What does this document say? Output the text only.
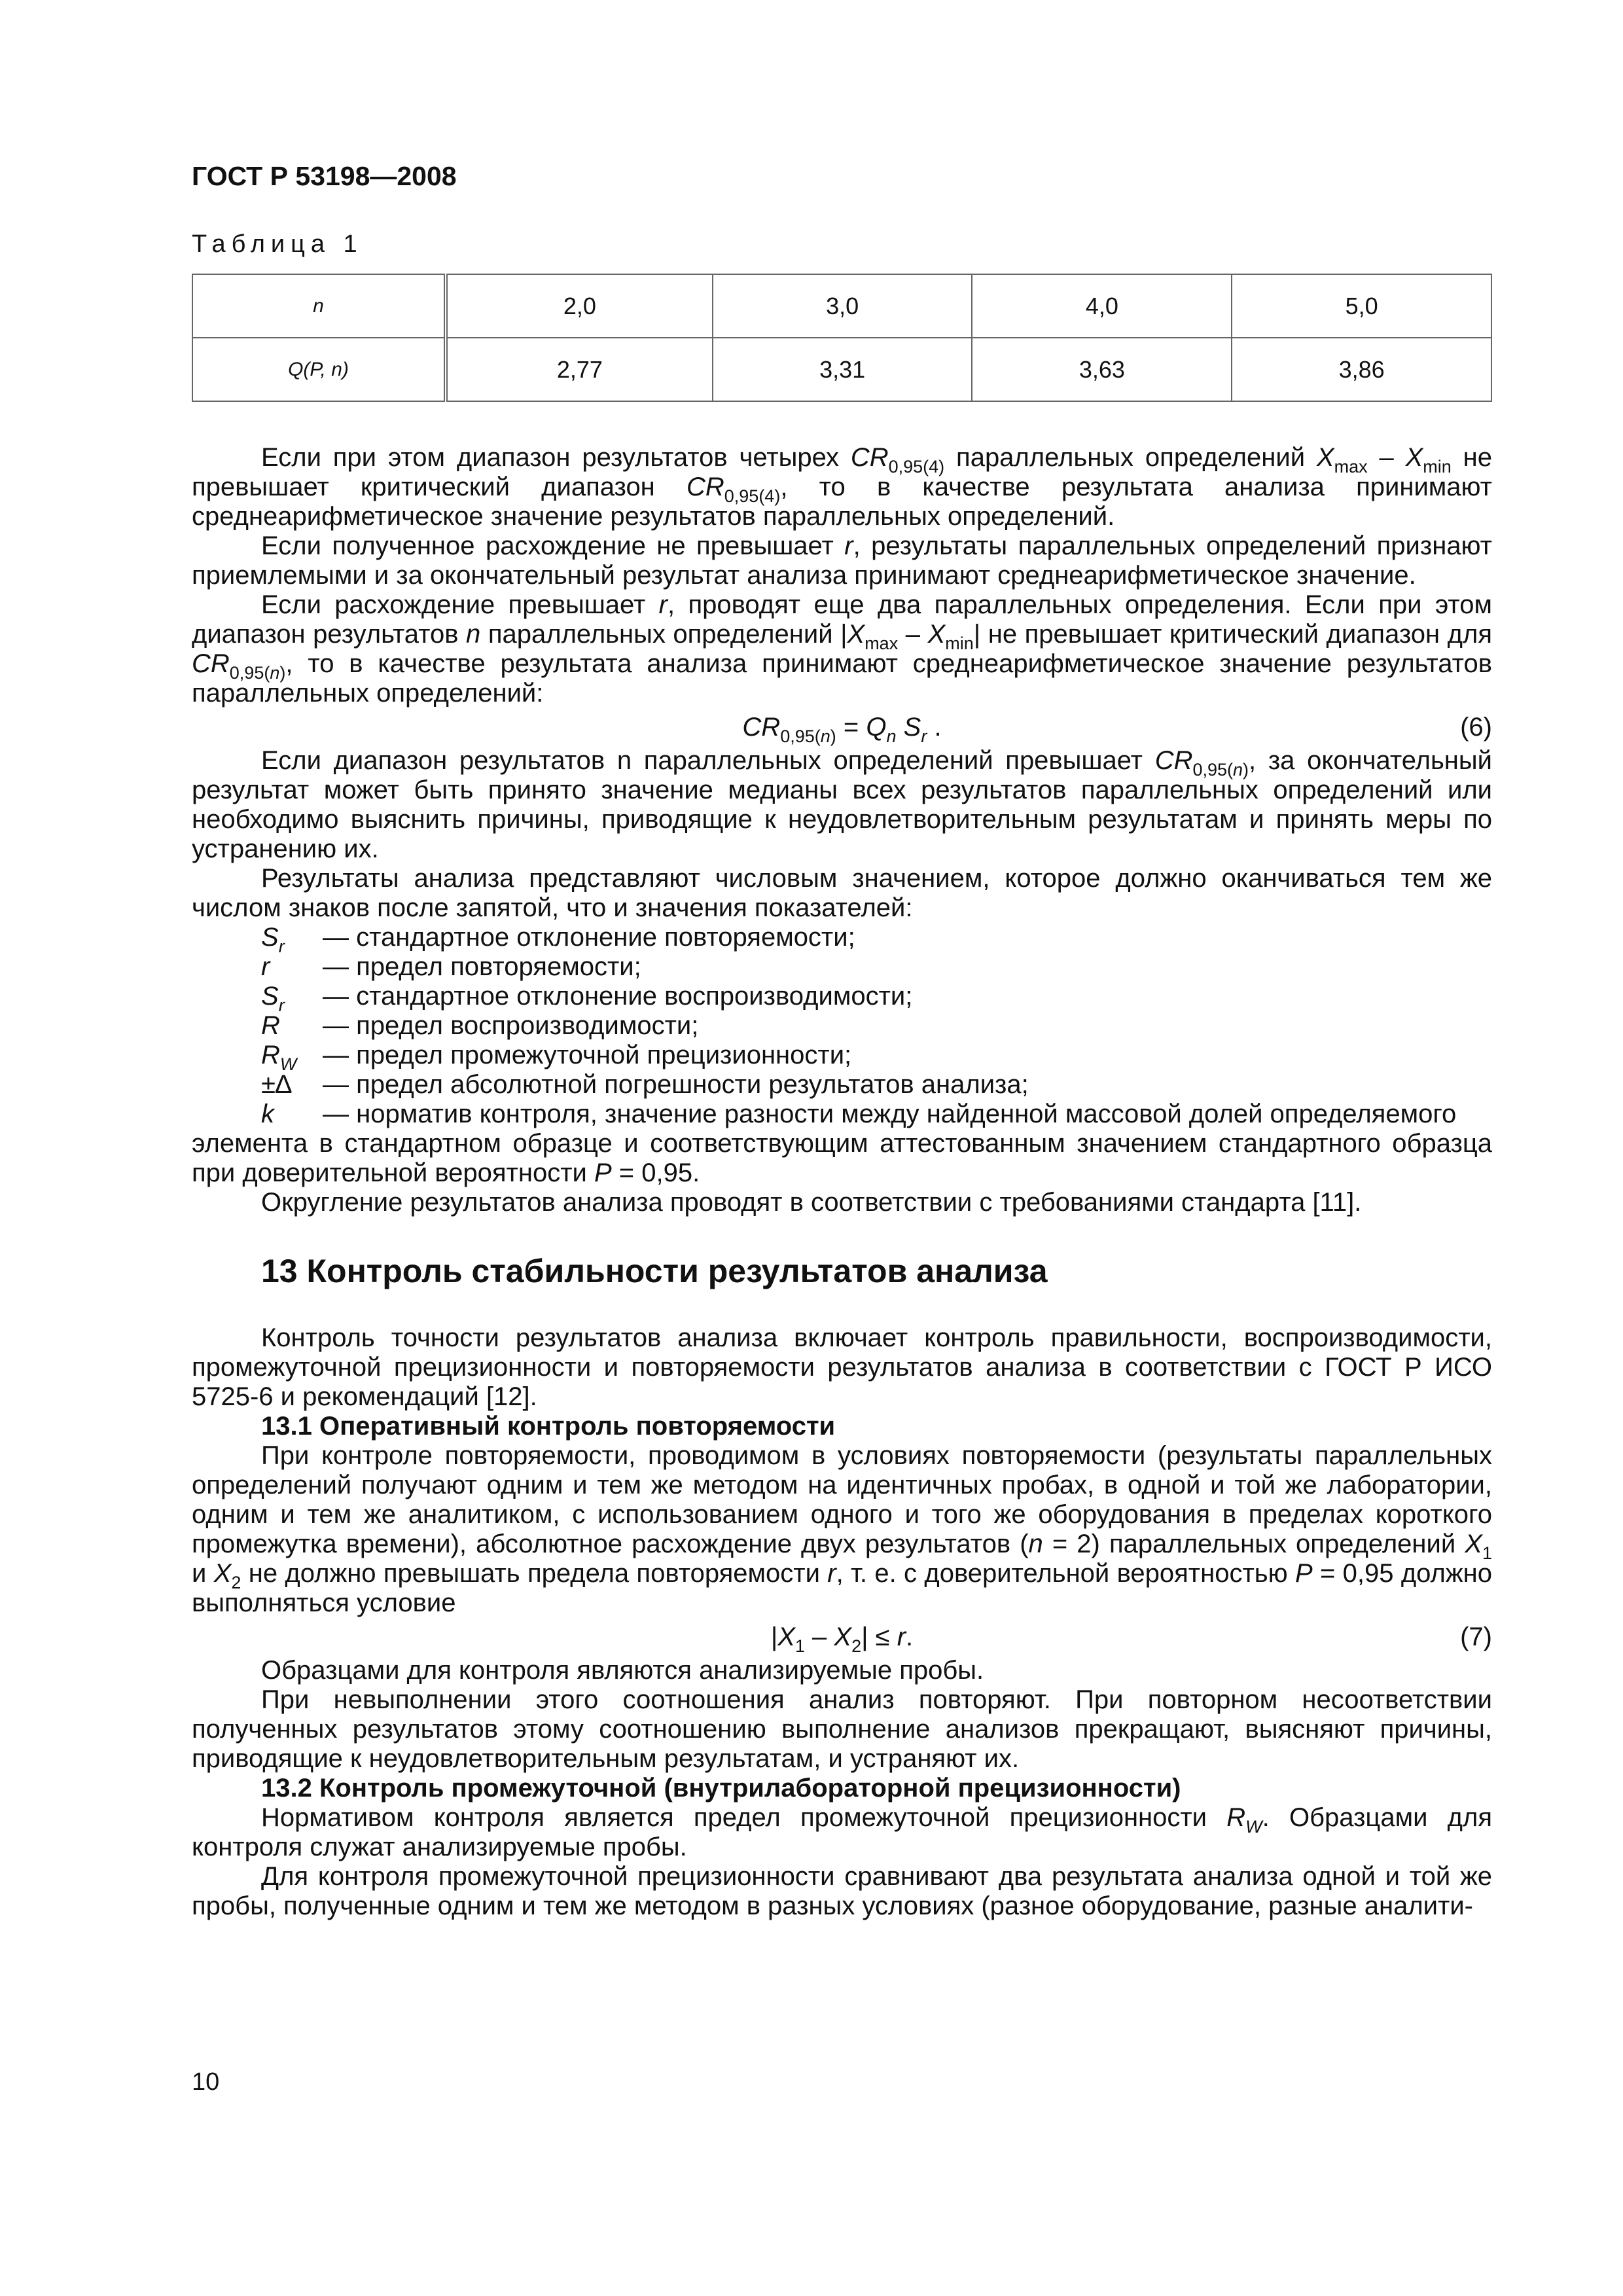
ГОСТ Р 53198—2008
Таблица 1
n	2,0	3,0	4,0	5,0
Q(P, n)	2,77	3,31	3,63	3,86

Если при этом диапазон результатов четырех $CR_{0,95(4)}$ параллельных определений $X_{max} - X_{min}$ не превышает критический диапазон $CR_{0,95(4)}$, то в качестве результата анализа принимают среднеарифметическое значение результатов параллельных определений.

Если полученное расхождение не превышает r, результаты параллельных определений признают приемлемыми и за окончательный результат анализа принимают среднеарифметическое значение.

Если расхождение превышает r, проводят еще два параллельных определения. Если при этом диапазон результатов n параллельных определений $|X_{max} - X_{min}|$ не превышает критический диапазон для $CR_{0,95(n)}$, то в качестве результата анализа принимают среднеарифметическое значение результатов параллельных определений:

$CR_{0,95(n)} = Q_n$ $S_r$ .	(6)

Если диапазон результатов n параллельных определений превышает $CR_{0,95(n)}$, за окончательный результат может быть принято значение медианы всех результатов параллельных определений или необходимо выяснить причины, приводящие к неудовлетворительным результатам и принять меры по устранению их.

Результаты анализа представляют числовым значением, которое должно оканчиваться тем же числом знаков после запятой, что и значения показателей:

$S_r$	— стандартное отклонение повторяемости;
r	— предел повторяемости;
$S_r$	— стандартное отклонение воспроизводимости;
R	— предел воспроизводимости;
$R_W$ — предел промежуточной прецизионности;
±∆	— предел абсолютной погрешности результатов анализа;
k	— норматив контроля, значение разности между найденной массовой долей определяемого

элемента в стандартном образце и соответствующим аттестованным значением стандартного образца при доверительной вероятности P = 0,95.

Округление результатов анализа проводят в соответствии с требованиями стандарта [11].

13 Контроль стабильности результатов анализа

Контроль точности результатов анализа включает контроль правильности, воспроизводимости, промежуточной прецизионности и повторяемости результатов анализа в соответствии с ГОСТ Р ИСО 5725-6 и рекомендаций [12].

13.1 Оперативный контроль повторяемости

При контроле повторяемости, проводимом в условиях повторяемости (результаты параллельных определений получают одним и тем же методом на идентичных пробах, в одной и той же лаборатории, одним и тем же аналитиком, с использованием одного и того же оборудования в пределах короткого промежутка времени), абсолютное расхождение двух результатов (n = 2) параллельных определений $X_1$ и $X_2$ не должно превышать предела повторяемости r, т. е. с доверительной вероятностью P = 0,95 должно выполняться условие

$|X_1 - X_2| \le r$.	(7)

Образцами для контроля являются анализируемые пробы.

При невыполнении этого соотношения анализ повторяют. При повторном несоответствии полученных результатов этому соотношению выполнение анализов прекращают, выясняют причины, приводящие к неудовлетворительным результатам, и устраняют их.

13.2 Контроль промежуточной (внутрилабораторной прецизионности)

Нормативом контроля является предел промежуточной прецизионности $R_W$. Образцами для контроля служат анализируемые пробы.

Для контроля промежуточной прецизионности сравнивают два результата анализа одной и той же пробы, полученные одним и тем же методом в разных условиях (разное оборудование, разные аналити-

10
